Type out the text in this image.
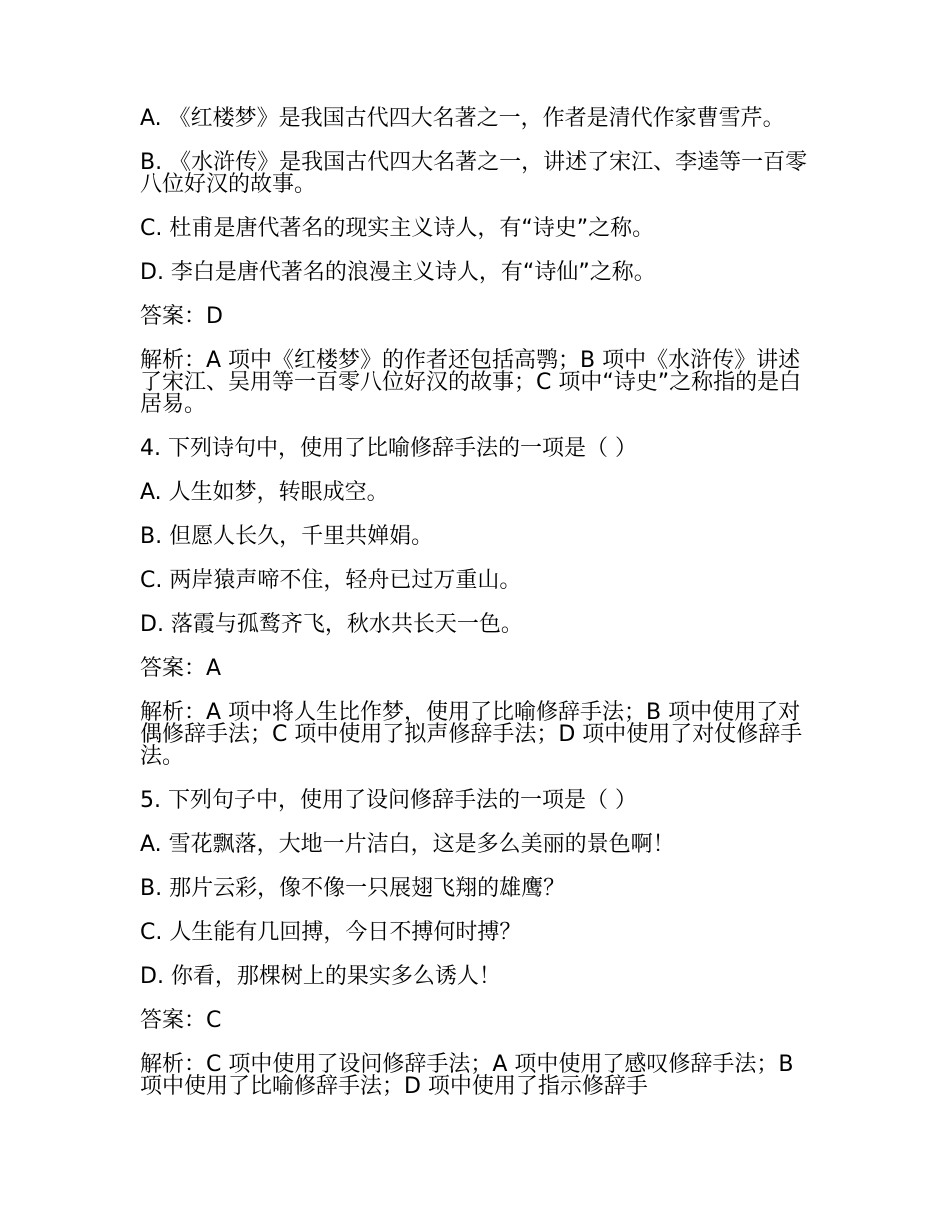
A. 《红楼梦》是我国古代四大名著之一，作者是清代作家曹雪芹。

B. 《水浒传》是我国古代四大名著之一，讲述了宋江、李逵等一百零八位好汉的故事。

C. 杜甫是唐代著名的现实主义诗人，有“诗史”之称。

D. 李白是唐代著名的浪漫主义诗人，有“诗仙”之称。

答案：D

解析：A 项中《红楼梦》的作者还包括高鹗；B 项中《水浒传》讲述了宋江、吴用等一百零八位好汉的故事；C 项中“诗史”之称指的是白居易。

4. 下列诗句中，使用了比喻修辞手法的一项是（ ）

A. 人生如梦，转眼成空。

B. 但愿人长久，千里共婵娟。

C. 两岸猿声啼不住，轻舟已过万重山。

D. 落霞与孤鹜齐飞，秋水共长天一色。

答案：A

解析：A 项中将人生比作梦，使用了比喻修辞手法；B 项中使用了对偶修辞手法；C 项中使用了拟声修辞手法；D 项中使用了对仗修辞手法。

5. 下列句子中，使用了设问修辞手法的一项是（ ）

A. 雪花飘落，大地一片洁白，这是多么美丽的景色啊！

B. 那片云彩，像不像一只展翅飞翔的雄鹰？

C. 人生能有几回搏，今日不搏何时搏？

D. 你看，那棵树上的果实多么诱人！

答案：C

解析：C 项中使用了设问修辞手法；A 项中使用了感叹修辞手法；B 项中使用了比喻修辞手法；D 项中使用了指示修辞手
